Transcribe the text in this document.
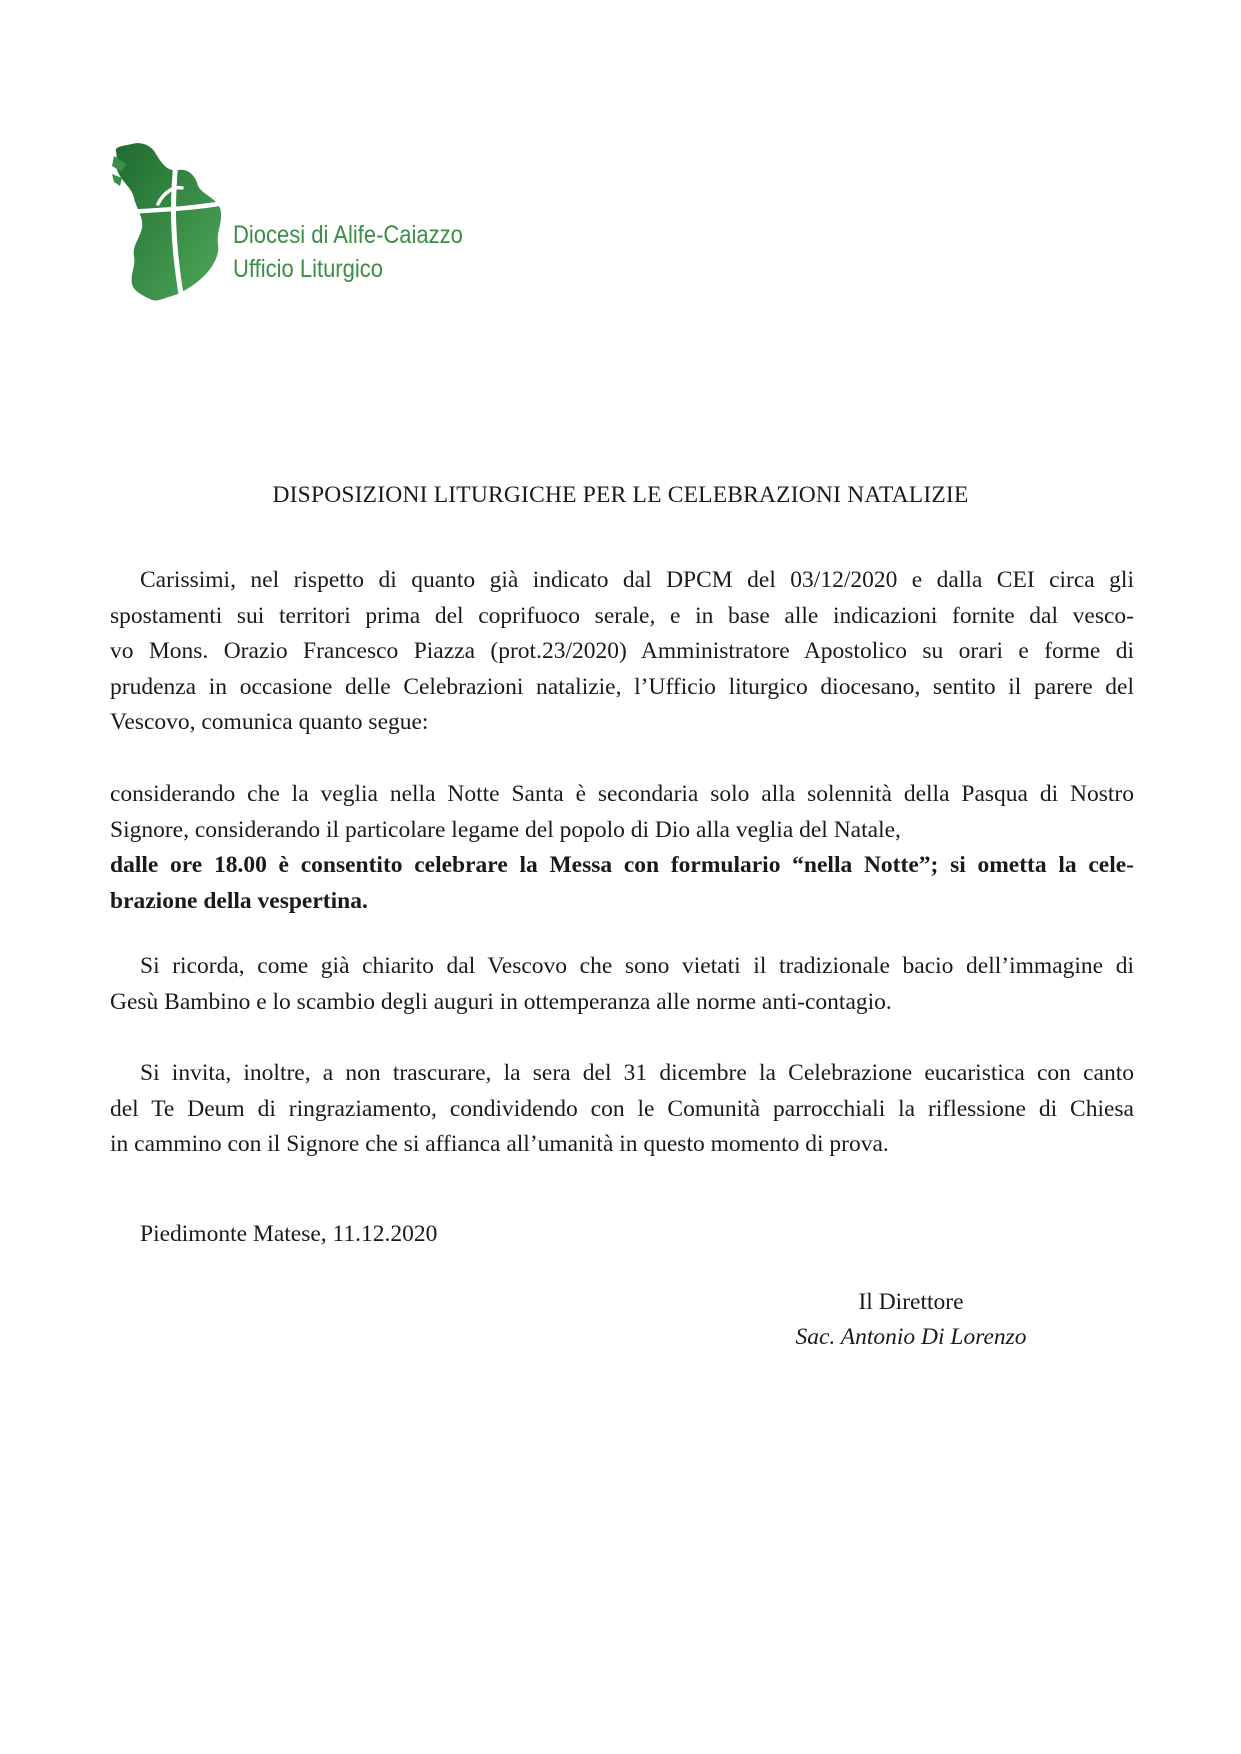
Diocesi di Alife-Caiazzo
Ufficio Liturgico
DISPOSIZIONI LITURGICHE PER LE CELEBRAZIONI NATALIZIE
Carissimi, nel rispetto di quanto già indicato dal DPCM del 03/12/2020 e dalla CEI circa gli
spostamenti sui territori prima del coprifuoco serale, e in base alle indicazioni fornite dal vesco-
vo Mons. Orazio Francesco Piazza (prot.23/2020) Amministratore Apostolico su orari e forme di
prudenza in occasione delle Celebrazioni natalizie, l’Ufficio liturgico diocesano, sentito il parere del
Vescovo, comunica quanto segue:
considerando che la veglia nella Notte Santa è secondaria solo alla solennità della Pasqua di Nostro
Signore, considerando il particolare legame del popolo di Dio alla veglia del Natale,
dalle ore 18.00 è consentito celebrare la Messa con formulario “nella Notte”; si ometta la cele-
brazione della vespertina.
Si ricorda, come già chiarito dal Vescovo che sono vietati il tradizionale bacio dell’immagine di
Gesù Bambino e lo scambio degli auguri in ottemperanza alle norme anti-contagio.
Si invita, inoltre, a non trascurare, la sera del 31 dicembre la Celebrazione eucaristica con canto
del Te Deum di ringraziamento, condividendo con le Comunità parrocchiali la riflessione di Chiesa
in cammino con il Signore che si affianca all’umanità in questo momento di prova.
Piedimonte Matese, 11.12.2020
Il Direttore
Sac. Antonio Di Lorenzo
